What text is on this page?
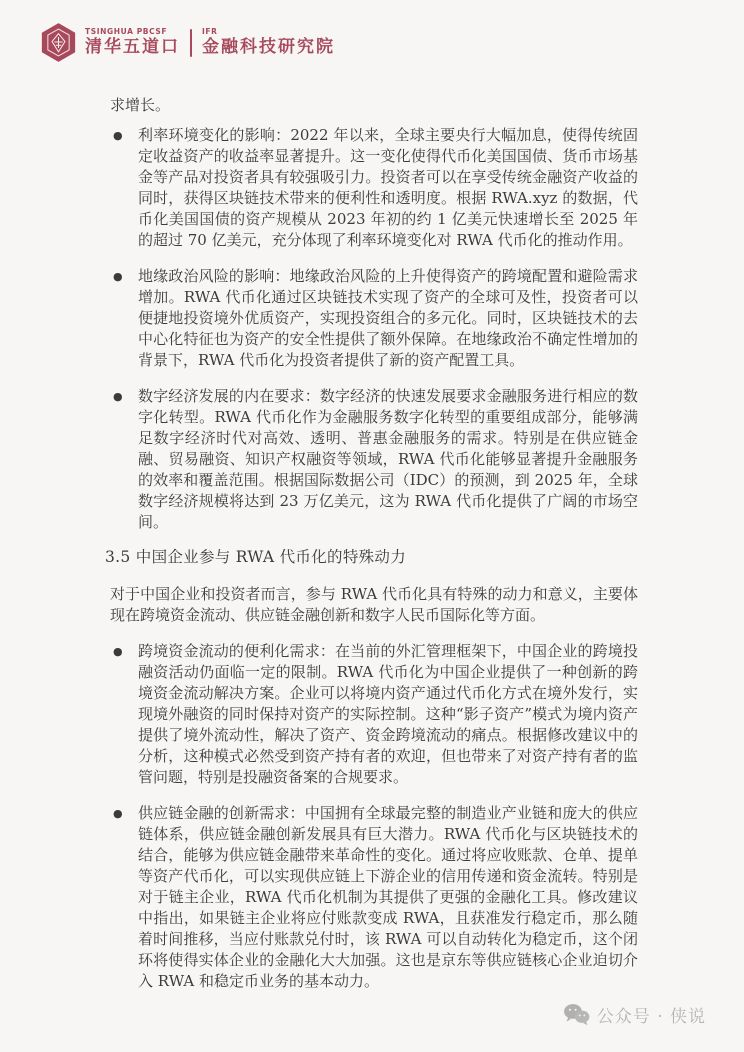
TSINGHUA PBCSF
清华五道口
IFR
金融科技研究院

求增长。

● 利率环境变化的影响：2022 年以来，全球主要央行大幅加息，使得传统固定收益资产的收益率显著提升。这一变化使得代币化美国国债、货币市场基金等产品对投资者具有较强吸引力。投资者可以在享受传统金融资产收益的同时，获得区块链技术带来的便利性和透明度。根据 RWA.xyz 的数据，代币化美国国债的资产规模从 2023 年初的约 1 亿美元快速增长至 2025 年的超过 70 亿美元，充分体现了利率环境变化对 RWA 代币化的推动作用。
● 地缘政治风险的影响：地缘政治风险的上升使得资产的跨境配置和避险需求增加。RWA 代币化通过区块链技术实现了资产的全球可及性，投资者可以便捷地投资境外优质资产，实现投资组合的多元化。同时，区块链技术的去中心化特征也为资产的安全性提供了额外保障。在地缘政治不确定性增加的背景下，RWA 代币化为投资者提供了新的资产配置工具。
● 数字经济发展的内在要求：数字经济的快速发展要求金融服务进行相应的数字化转型。RWA 代币化作为金融服务数字化转型的重要组成部分，能够满足数字经济时代对高效、透明、普惠金融服务的需求。特别是在供应链金融、贸易融资、知识产权融资等领域，RWA 代币化能够显著提升金融服务的效率和覆盖范围。根据国际数据公司（IDC）的预测，到 2025 年，全球数字经济规模将达到 23 万亿美元，这为 RWA 代币化提供了广阔的市场空间。
3.5 中国企业参与 RWA 代币化的特殊动力

对于中国企业和投资者而言，参与 RWA 代币化具有特殊的动力和意义，主要体现在跨境资金流动、供应链金融创新和数字人民币国际化等方面。

● 跨境资金流动的便利化需求：在当前的外汇管理框架下，中国企业的跨境投融资活动仍面临一定的限制。RWA 代币化为中国企业提供了一种创新的跨境资金流动解决方案。企业可以将境内资产通过代币化方式在境外发行，实现境外融资的同时保持对资产的实际控制。这种“影子资产”模式为境内资产提供了境外流动性，解决了资产、资金跨境流动的痛点。根据修改建议中的分析，这种模式必然受到资产持有者的欢迎，但也带来了对资产持有者的监管问题，特别是投融资备案的合规要求。
● 供应链金融的创新需求：中国拥有全球最完整的制造业产业链和庞大的供应链体系，供应链金融创新发展具有巨大潜力。RWA 代币化与区块链技术的结合，能够为供应链金融带来革命性的变化。通过将应收账款、仓单、提单等资产代币化，可以实现供应链上下游企业的信用传递和资金流转。特别是对于链主企业，RWA 代币化机制为其提供了更强的金融化工具。修改建议中指出，如果链主企业将应付账款变成 RWA，且获准发行稳定币，那么随着时间推移，当应付账款兑付时，该 RWA 可以自动转化为稳定币，这个闭环将使得实体企业的金融化大大加强。这也是京东等供应链核心企业迫切介入 RWA 和稳定币业务的基本动力。
公众号 · 侠说
